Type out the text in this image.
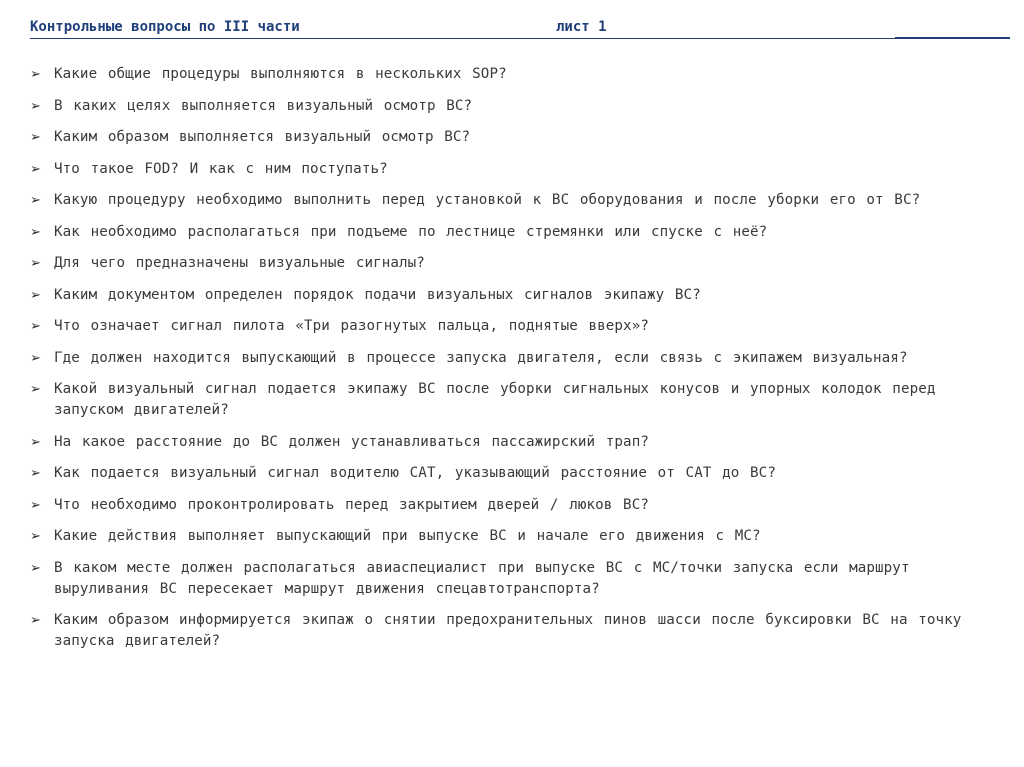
Контрольные вопросы по III части	лист 1
➢ Какие общие процедуры выполняются в нескольких SOP?
➢ В каких целях выполняется визуальный осмотр ВС?
➢ Каким образом выполняется визуальный осмотр ВС?
➢ Что такое FOD? И как с ним поступать?
➢ Какую процедуру необходимо выполнить перед установкой к ВС оборудования и после уборки его от ВС?
➢ Как необходимо располагаться при подъеме по лестнице стремянки или спуске с неё?
➢ Для чего предназначены визуальные сигналы?
➢ Каким документом определен порядок подачи визуальных сигналов экипажу ВС?
➢ Что означает сигнал пилота «Три разогнутых пальца, поднятые вверх»?
➢ Где должен находится выпускающий в процессе запуска двигателя, если связь с экипажем визуальная?
➢ Какой визуальный сигнал подается экипажу ВС после уборки сигнальных конусов и упорных колодок перед запуском двигателей?
➢ На какое расстояние до ВС должен устанавливаться пассажирский трап?
➢ Как подается визуальный сигнал водителю САТ, указывающий расстояние от САТ до ВС?
➢ Что необходимо проконтролировать перед закрытием дверей / люков ВС?
➢ Какие действия выполняет выпускающий при выпуске ВС и начале его движения с МС?
➢ В каком месте должен располагаться авиаспециалист при выпуске ВС с МС/точки запуска если маршрут выруливания ВС пересекает маршрут движения спецавтотранспорта?
➢ Каким образом информируется экипаж о снятии предохранительных пинов шасси после буксировки ВС на точку запуска двигателей?
